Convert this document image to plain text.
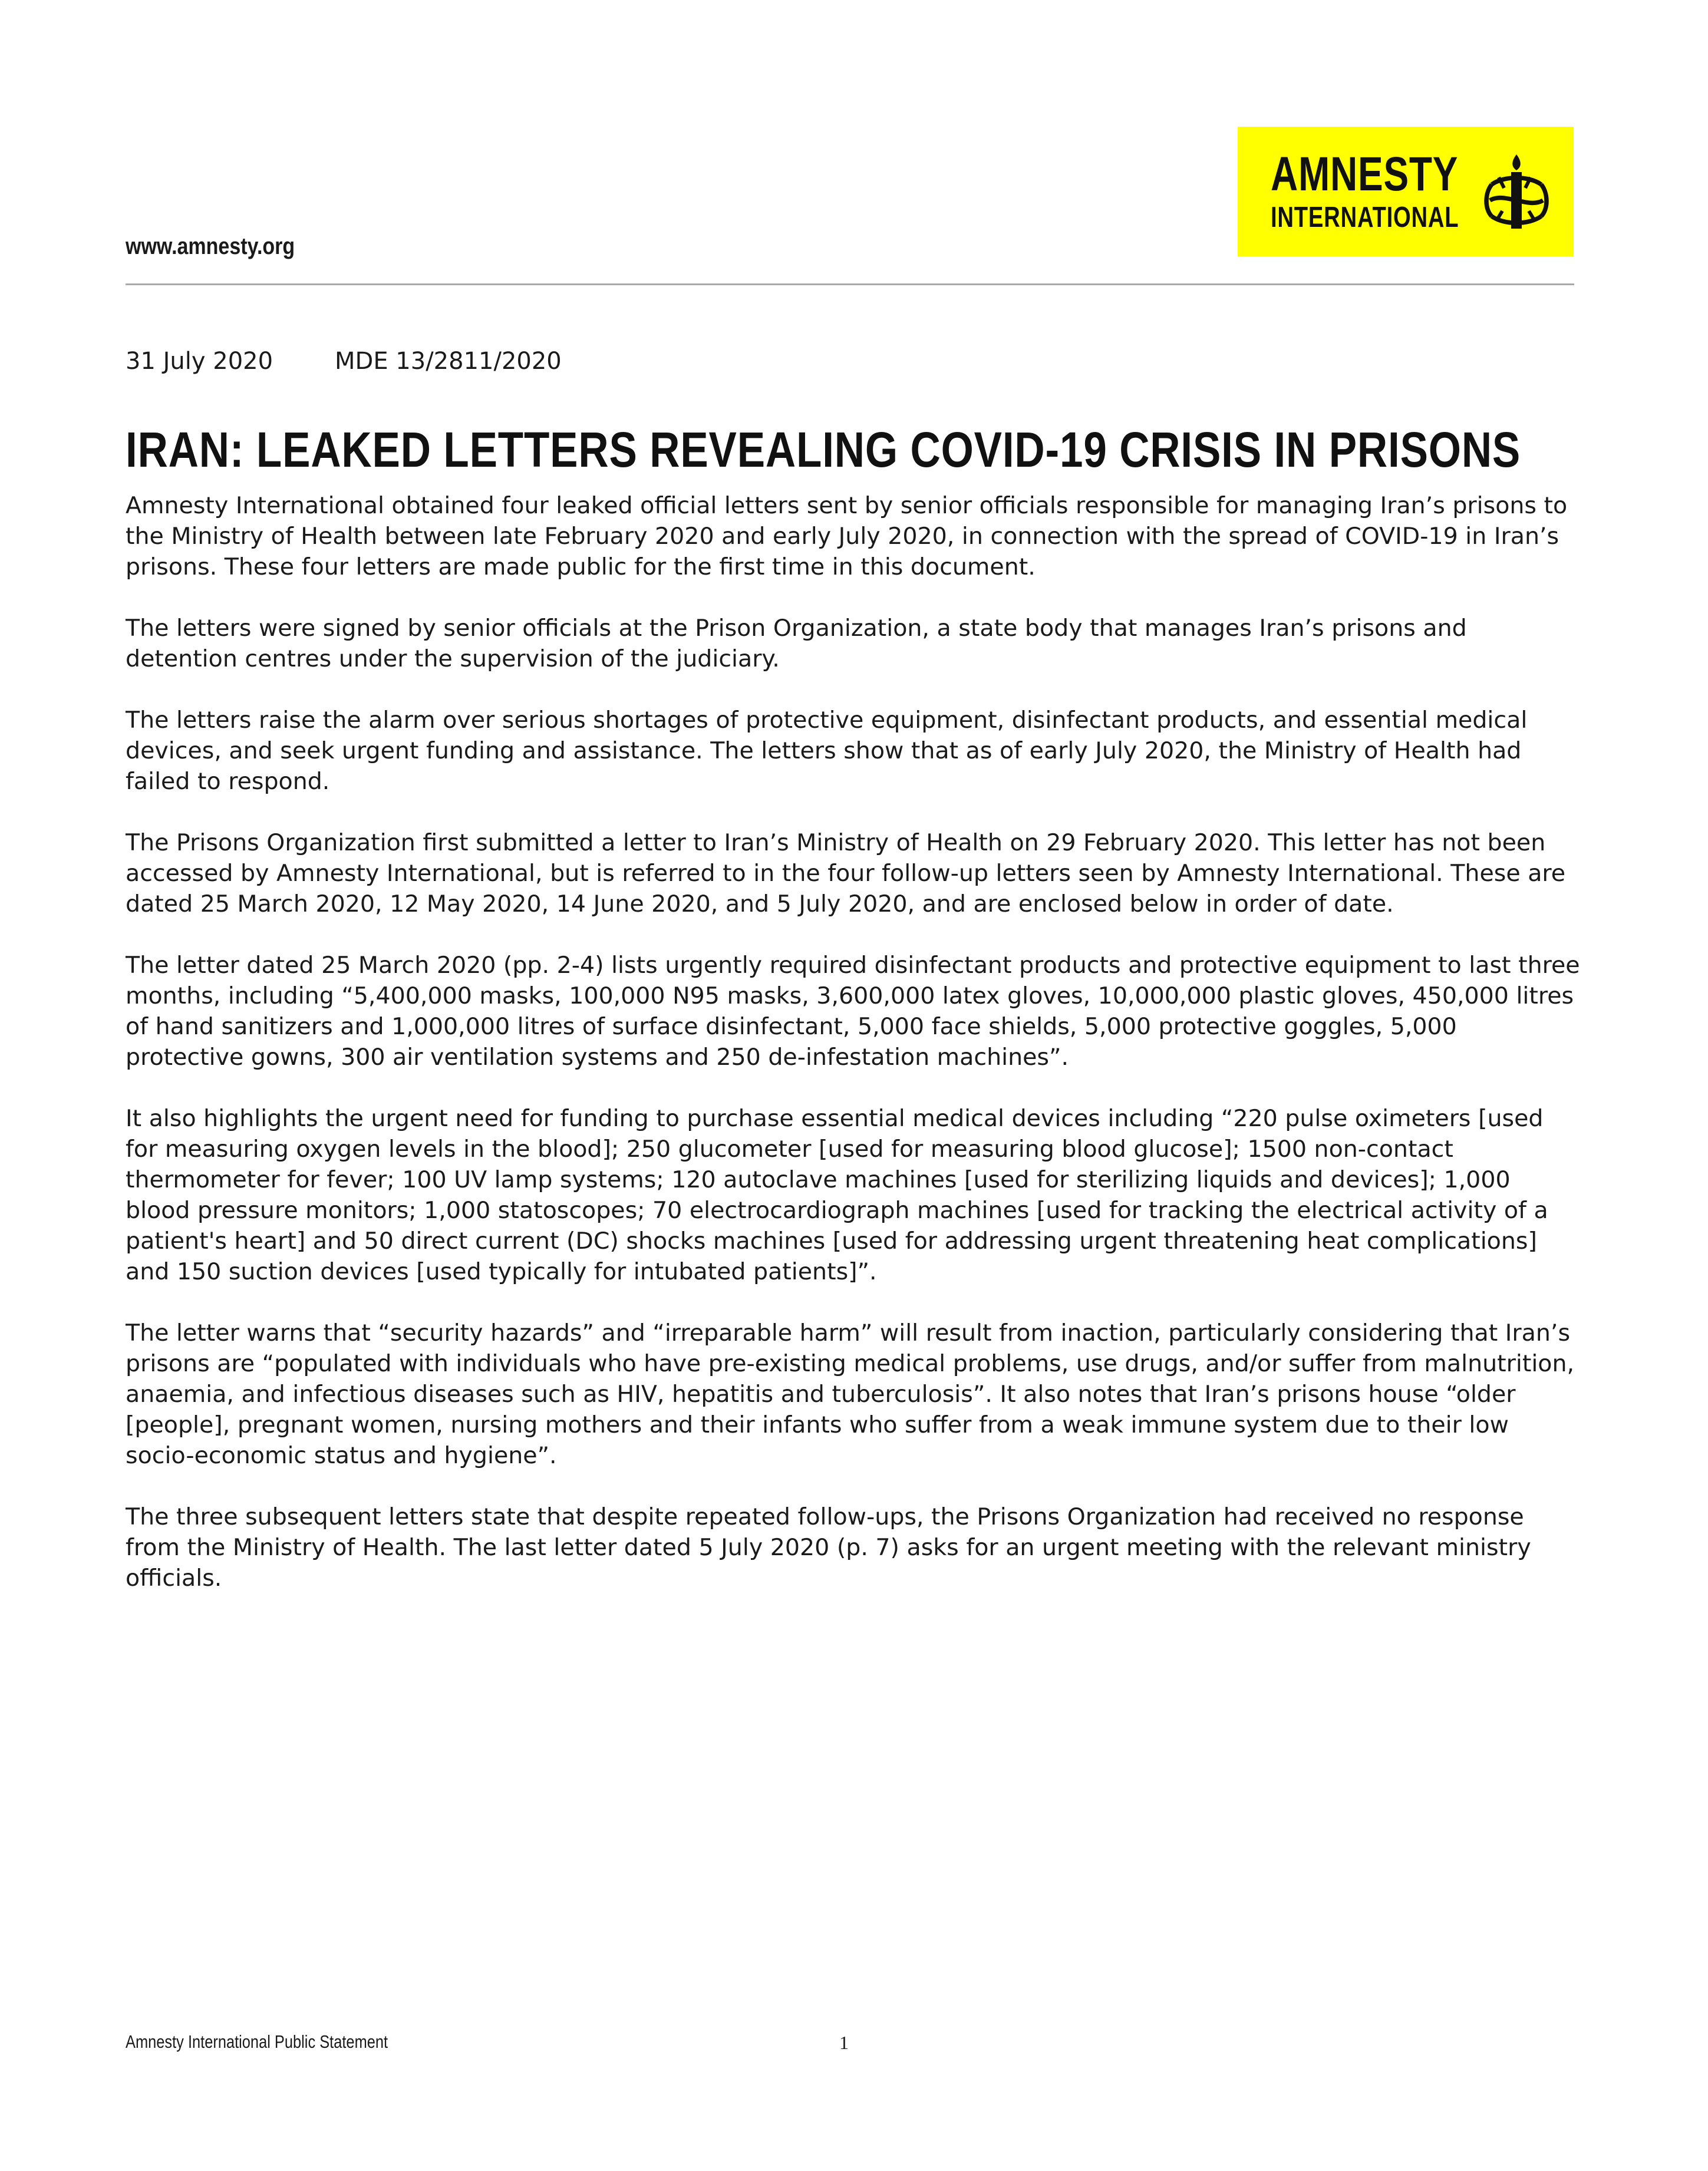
AMNESTY
INTERNATIONAL
www.amnesty.org
31 July 2020	MDE 13/2811/2020
IRAN: LEAKED LETTERS REVEALING COVID-19 CRISIS IN PRISONS

Amnesty International obtained four leaked official letters sent by senior officials responsible for managing Iran’s prisons to the Ministry of Health between late February 2020 and early July 2020, in connection with the spread of COVID-19 in Iran’s prisons. These four letters are made public for the first time in this document.

The letters were signed by senior officials at the Prison Organization, a state body that manages Iran’s prisons and detention centres under the supervision of the judiciary.

The letters raise the alarm over serious shortages of protective equipment, disinfectant products, and essential medical devices, and seek urgent funding and assistance. The letters show that as of early July 2020, the Ministry of Health had failed to respond.

The Prisons Organization first submitted a letter to Iran’s Ministry of Health on 29 February 2020. This letter has not been accessed by Amnesty International, but is referred to in the four follow-up letters seen by Amnesty International. These are dated 25 March 2020, 12 May 2020, 14 June 2020, and 5 July 2020, and are enclosed below in order of date.

The letter dated 25 March 2020 (pp. 2-4) lists urgently required disinfectant products and protective equipment to last three months, including “5,400,000 masks, 100,000 N95 masks, 3,600,000 latex gloves, 10,000,000 plastic gloves, 450,000 litres of hand sanitizers and 1,000,000 litres of surface disinfectant, 5,000 face shields, 5,000 protective goggles, 5,000 protective gowns, 300 air ventilation systems and 250 de-infestation machines”.

It also highlights the urgent need for funding to purchase essential medical devices including “220 pulse oximeters [used for measuring oxygen levels in the blood]; 250 glucometer [used for measuring blood glucose]; 1500 non-contact thermometer for fever; 100 UV lamp systems; 120 autoclave machines [used for sterilizing liquids and devices]; 1,000 blood pressure monitors; 1,000 statoscopes; 70 electrocardiograph machines [used for tracking the electrical activity of a patient's heart] and 50 direct current (DC) shocks machines [used for addressing urgent threatening heat complications] and 150 suction devices [used typically for intubated patients]”.

The letter warns that “security hazards” and “irreparable harm” will result from inaction, particularly considering that Iran’s prisons are “populated with individuals who have pre-existing medical problems, use drugs, and/or suffer from malnutrition, anaemia, and infectious diseases such as HIV, hepatitis and tuberculosis”. It also notes that Iran’s prisons house “older [people], pregnant women, nursing mothers and their infants who suffer from a weak immune system due to their low socio-economic status and hygiene”.

The three subsequent letters state that despite repeated follow-ups, the Prisons Organization had received no response from the Ministry of Health. The last letter dated 5 July 2020 (p. 7) asks for an urgent meeting with the relevant ministry officials.

Amnesty International Public Statement	1
